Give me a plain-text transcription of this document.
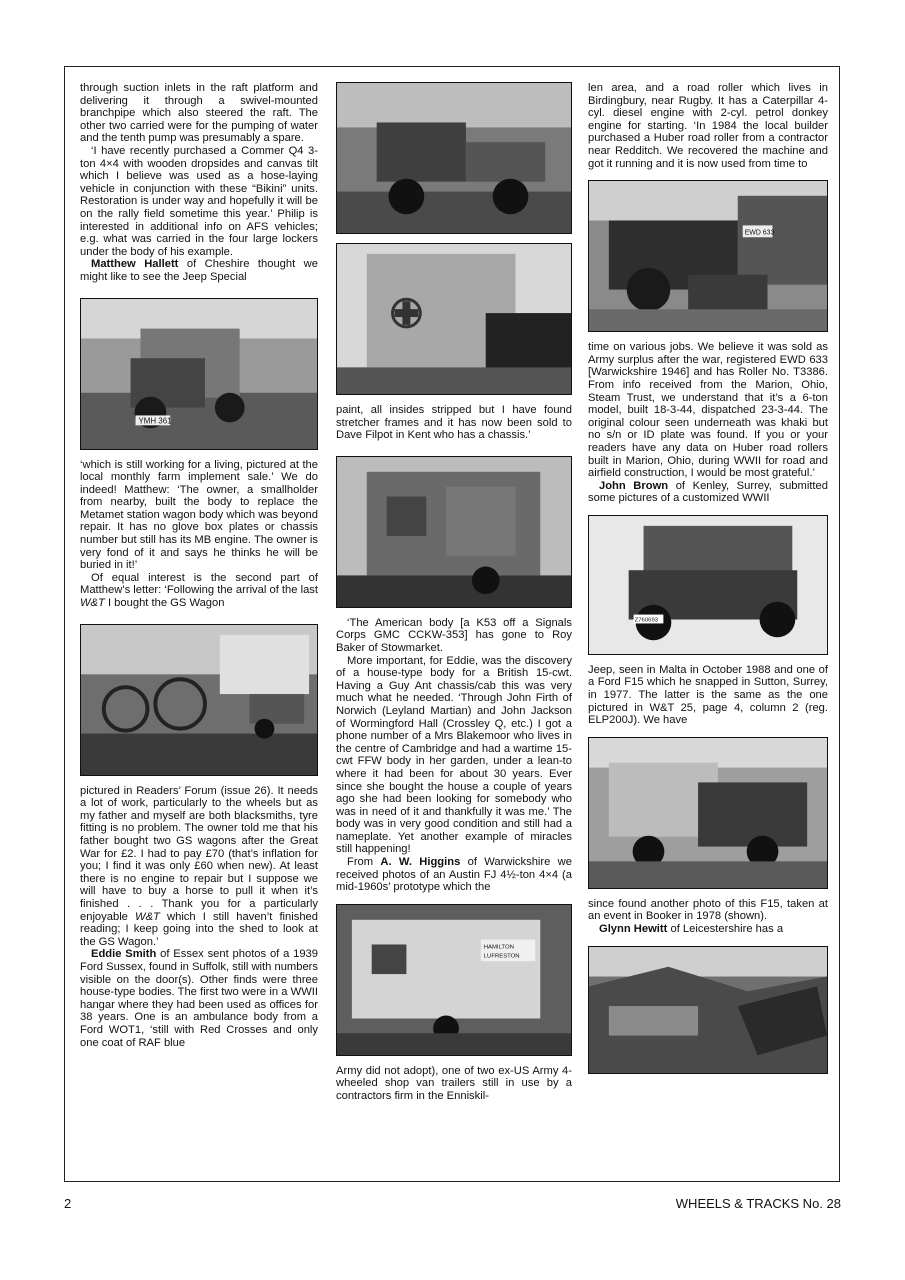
through suction inlets in the raft platform and delivering it through a swivel-mounted branchpipe which also steered the raft. The other two carried were for the pumping of water and the tenth pump was presumably a spare.

‘I have recently purchased a Commer Q4 3-ton 4×4 with wooden dropsides and canvas tilt which I believe was used as a hose-laying vehicle in conjunction with these “Bikini” units. Restoration is under way and hopefully it will be on the rally field sometime this year.’ Philip is interested in additional info on AFS vehicles; e.g. what was carried in the four large lockers under the body of his example.

Matthew Hallett of Cheshire thought we might like to see the Jeep Special

YMH 361

‘which is still working for a living, pictured at the local monthly farm implement sale.’ We do indeed! Matthew: ‘The owner, a smallholder from nearby, built the body to replace the Metamet station wagon body which was beyond repair. It has no glove box plates or chassis number but still has its MB engine. The owner is very fond of it and says he thinks he will be buried in it!’

Of equal interest is the second part of Matthew’s letter: ‘Following the arrival of the last W&T I bought the GS Wagon

pictured in Readers’ Forum (issue 26). It needs a lot of work, particularly to the wheels but as my father and myself are both blacksmiths, tyre fitting is no problem. The owner told me that his father bought two GS wagons after the Great War for £2. I had to pay £70 (that’s inflation for you; I find it was only £60 when new). At least there is no engine to repair but I suppose we will have to buy a horse to pull it when it’s finished . . . Thank you for a particularly enjoyable W&T which I still haven’t finished reading; I keep going into the shed to look at the GS Wagon.’

Eddie Smith of Essex sent photos of a 1939 Ford Sussex, found in Suffolk, still with numbers visible on the door(s). Other finds were three house-type bodies. The first two were in a WWII hangar where they had been used as offices for 38 years. One is an ambulance body from a Ford WOT1, ‘still with Red Crosses and only one coat of RAF blue

paint, all insides stripped but I have found stretcher frames and it has now been sold to Dave Filpot in Kent who has a chassis.’

‘The American body [a K53 off a Signals Corps GMC CCKW-353] has gone to Roy Baker of Stowmarket.

More important, for Eddie, was the discovery of a house-type body for a British 15-cwt. Having a Guy Ant chassis/cab this was very much what he needed. ‘Through John Firth of Norwich (Leyland Martian) and John Jackson of Wormingford Hall (Crossley Q, etc.) I got a phone number of a Mrs Blakemoor who lives in the centre of Cambridge and had a wartime 15-cwt FFW body in her garden, under a lean-to where it had been for about 30 years. Ever since she bought the house a couple of years ago she had been looking for somebody who was in need of it and thankfully it was me.’ The body was in very good condition and still had a nameplate. Yet another example of miracles still happening!

From A. W. Higgins of Warwickshire we received photos of an Austin FJ 4½-ton 4×4 (a mid-1960s’ prototype which the

HAMILTON
LUFRESTON

Army did not adopt), one of two ex-US Army 4-wheeled shop van trailers still in use by a contractors firm in the Enniskil-

len area, and a road roller which lives in Birdingbury, near Rugby. It has a Caterpillar 4-cyl. diesel engine with 2-cyl. petrol donkey engine for starting. ‘In 1984 the local builder purchased a Huber road roller from a contractor near Redditch. We recovered the machine and got it running and it is now used from time to

EWD 633

time on various jobs. We believe it was sold as Army surplus after the war, registered EWD 633 [Warwickshire 1946] and has Roller No. T3386. From info received from the Marion, Ohio, Steam Trust, we understand that it’s a 6-ton model, built 18-3-44, dispatched 23-3-44. The original colour seen underneath was khaki but no s/n or ID plate was found. If you or your readers have any data on Huber road rollers built in Marion, Ohio, during WWII for road and airfield construction, I would be most grateful.’

John Brown of Kenley, Surrey, submitted some pictures of a customized WWII

Z760693

Jeep, seen in Malta in October 1988 and one of a Ford F15 which he snapped in Sutton, Surrey, in 1977. The latter is the same as the one pictured in W&T 25, page 4, column 2 (reg. ELP200J). We have

since found another photo of this F15, taken at an event in Booker in 1978 (shown).

Glynn Hewitt of Leicestershire has a

2	WHEELS & TRACKS No. 28
